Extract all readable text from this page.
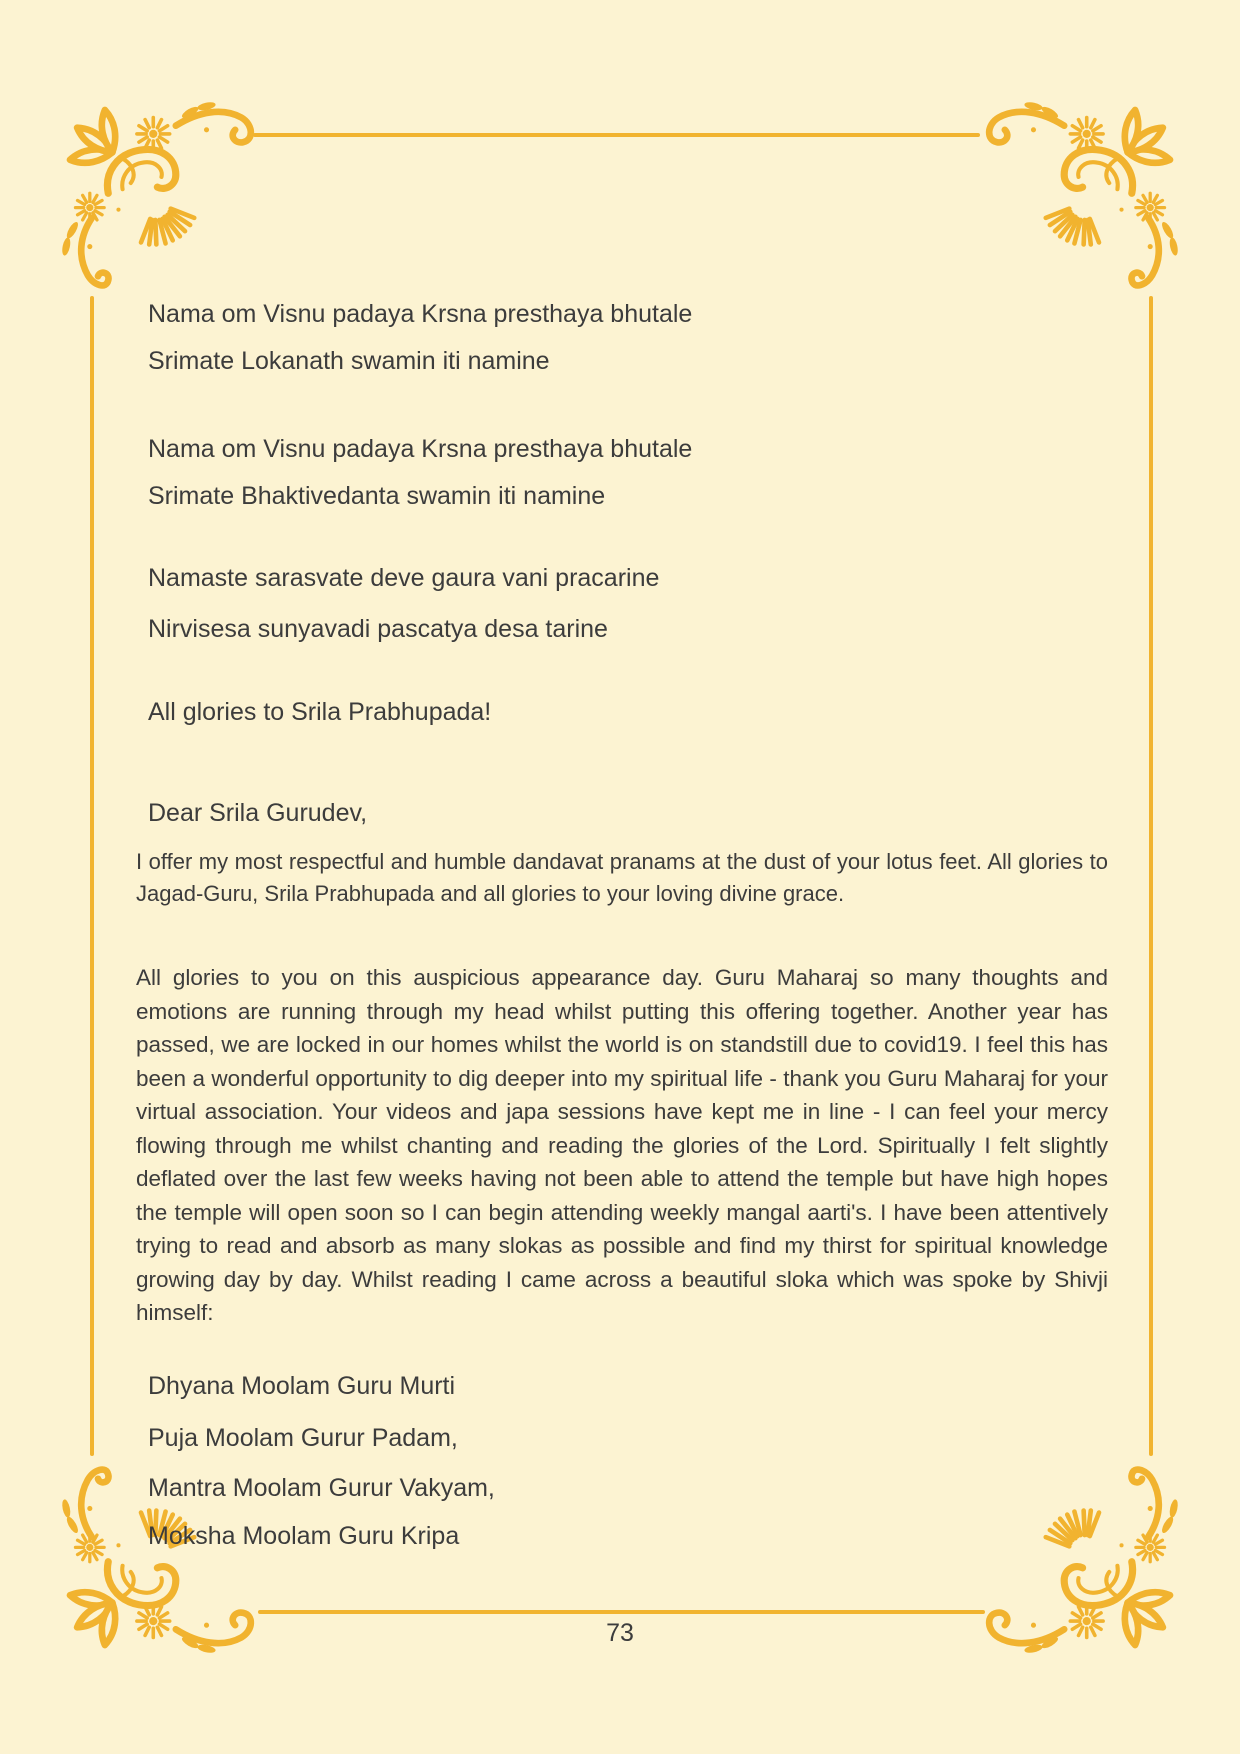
Nama om Visnu padaya Krsna presthaya bhutale
Srimate Lokanath swamin iti namine
Nama om Visnu padaya Krsna presthaya bhutale
Srimate Bhaktivedanta swamin iti namine
Namaste sarasvate deve gaura vani pracarine
Nirvisesa sunyavadi pascatya desa tarine
All glories to Srila Prabhupada!
Dear Srila Gurudev,

I offer my most respectful and humble dandavat pranams at the dust of your lotus feet. All glories to Jagad-Guru, Srila Prabhupada and all glories to your loving divine grace.

All glories to you on this auspicious appearance day. Guru Maharaj so many thoughts and emotions are running through my head whilst putting this offering together. Another year has passed, we are locked in our homes whilst the world is on standstill due to covid19. I feel this has been a wonderful opportunity to dig deeper into my spiritual life - thank you Guru Maharaj for your virtual association. Your videos and japa sessions have kept me in line - I can feel your mercy flowing through me whilst chanting and reading the glories of the Lord. Spiritually I felt slightly deflated over the last few weeks having not been able to attend the temple but have high hopes the temple will open soon so I can begin attending weekly mangal aarti's. I have been attentively trying to read and absorb as many slokas as possible and find my thirst for spiritual knowledge growing day by day. Whilst reading I came across a beautiful sloka which was spoke by Shivji himself:

Dhyana Moolam Guru Murti
Puja Moolam Gurur Padam,
Mantra Moolam Gurur Vakyam,
Moksha Moolam Guru Kripa
73
